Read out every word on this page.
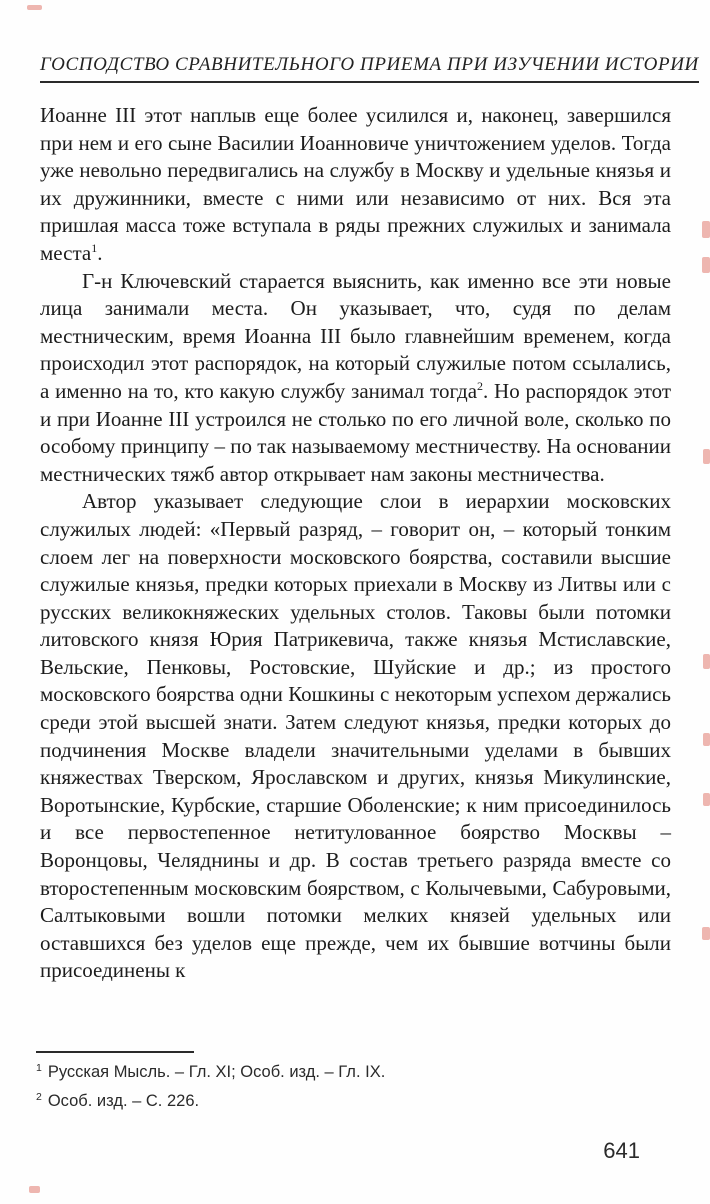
ГОСПОДСТВО СРАВНИТЕЛЬНОГО ПРИЕМА ПРИ ИЗУЧЕНИИ ИСТОРИИ

Иоанне III этот наплыв еще более усилился и, наконец, завершился при нем и его сыне Василии Иоанновиче уничтожением уделов. Тогда уже невольно передвигались на службу в Москву и удельные князья и их дружинники, вместе с ними или независимо от них. Вся эта пришлая масса тоже вступала в ряды прежних служилых и занимала места$^1$.

Г-н Ключевский старается выяснить, как именно все эти новые лица занимали места. Он указывает, что, судя по делам местническим, время Иоанна III было главнейшим временем, когда происходил этот распорядок, на который служилые потом ссылались, а именно на то, кто какую службу занимал тогда$^2$. Но распорядок этот и при Иоанне III устроился не столько по его личной воле, сколько по особому принципу – по так называемому местничеству. На основании местнических тяжб автор открывает нам законы местничества.

Автор указывает следующие слои в иерархии московских служилых людей: «Первый разряд, – говорит он, – который тонким слоем лег на поверхности московского боярства, составили высшие служилые князья, предки которых приехали в Москву из Литвы или с русских великокняжеских удельных столов. Таковы были потомки литовского князя Юрия Патрикевича, также князья Мстиславские, Вельские, Пенковы, Ростовские, Шуйские и др.; из простого московского боярства одни Кошкины с некоторым успехом держались среди этой высшей знати. Затем следуют князья, предки которых до подчинения Москве владели значительными уделами в бывших княжествах Тверском, Ярославском и других, князья Микулинские, Воротынские, Курбские, старшие Оболенские; к ним присоединилось и все первостепенное нетитулованное боярство Москвы – Воронцовы, Челяднины и др. В состав третьего разряда вместе со второстепенным московским боярством, с Колычевыми, Сабуровыми, Салтыковыми вошли потомки мелких князей удельных или оставшихся без уделов еще прежде, чем их бывшие вотчины были присоединены к

$^1$ Русская Мысль. – Гл. XI; Особ. изд. – Гл. IX.
$^2$ Особ. изд. – С. 226.
641
